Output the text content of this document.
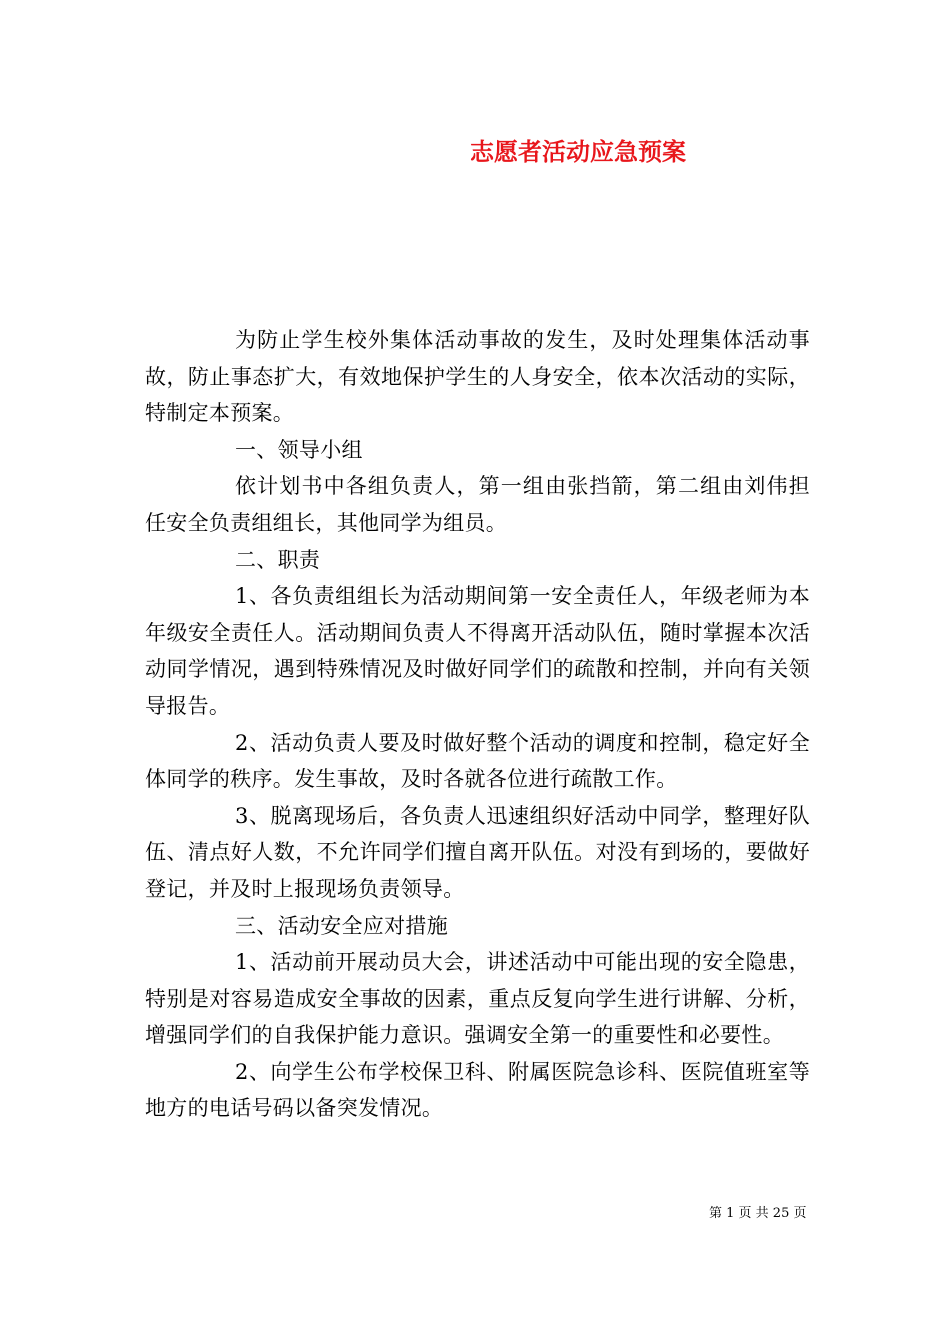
志愿者活动应急预案

为防止学生校外集体活动事故的发生，及时处理集体活动事故，防止事态扩大，有效地保护学生的人身安全，依本次活动的实际，特制定本预案。

一、领导小组

依计划书中各组负责人，第一组由张挡箭，第二组由刘伟担任安全负责组组长，其他同学为组员。

二、职责

1、各负责组组长为活动期间第一安全责任人，年级老师为本年级安全责任人。活动期间负责人不得离开活动队伍，随时掌握本次活动同学情况，遇到特殊情况及时做好同学们的疏散和控制，并向有关领导报告。

2、活动负责人要及时做好整个活动的调度和控制，稳定好全体同学的秩序。发生事故，及时各就各位进行疏散工作。

3、脱离现场后，各负责人迅速组织好活动中同学，整理好队伍、清点好人数，不允许同学们擅自离开队伍。对没有到场的，要做好登记，并及时上报现场负责领导。

三、活动安全应对措施

1、活动前开展动员大会，讲述活动中可能出现的安全隐患，特别是对容易造成安全事故的因素，重点反复向学生进行讲解、分析，增强同学们的自我保护能力意识。强调安全第一的重要性和必要性。

2、向学生公布学校保卫科、附属医院急诊科、医院值班室等地方的电话号码以备突发情况。

第 1 页 共 25 页
